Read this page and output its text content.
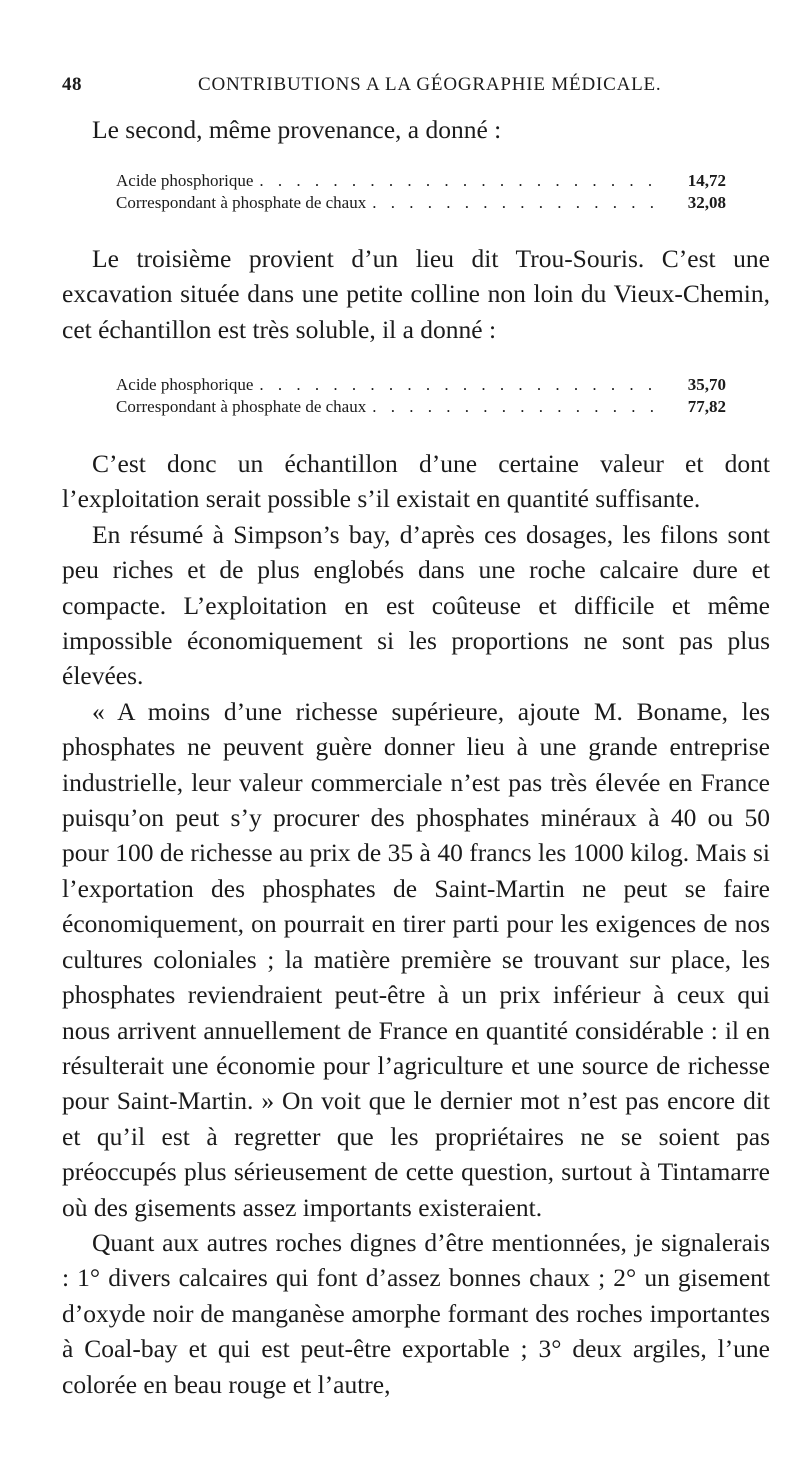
48	CONTRIBUTIONS A LA GÉOGRAPHIE MÉDICALE.

Le second, même provenance, a donné :

Acide phosphorique . . .	14,72
Correspondant à phosphate de chaux . . .	32,08

Le troisième provient d’un lieu dit Trou-Souris. C’est une excavation située dans une petite colline non loin du Vieux-Chemin, cet échantillon est très soluble, il a donné :

Acide phosphorique . . .	35,70
Correspondant à phosphate de chaux . . .	77,82

C’est donc un échantillon d’une certaine valeur et dont l’exploitation serait possible s’il existait en quantité suffisante.

En résumé à Simpson’s bay, d’après ces dosages, les filons sont peu riches et de plus englobés dans une roche calcaire dure et compacte. L’exploitation en est coûteuse et difficile et même impossible économiquement si les proportions ne sont pas plus élevées.

« A moins d’une richesse supérieure, ajoute M. Boname, les phosphates ne peuvent guère donner lieu à une grande entreprise industrielle, leur valeur commerciale n’est pas très élevée en France puisqu’on peut s’y procurer des phosphates minéraux à 40 ou 50 pour 100 de richesse au prix de 35 à 40 francs les 1000 kilog. Mais si l’exportation des phosphates de Saint-Martin ne peut se faire économiquement, on pourrait en tirer parti pour les exigences de nos cultures coloniales ; la matière première se trouvant sur place, les phosphates reviendraient peut-être à un prix inférieur à ceux qui nous arrivent annuellement de France en quantité considérable : il en résulterait une économie pour l’agriculture et une source de richesse pour Saint-Martin. » On voit que le dernier mot n’est pas encore dit et qu’il est à regretter que les propriétaires ne se soient pas préoccupés plus sérieusement de cette question, surtout à Tintamarre où des gisements assez importants existeraient.

Quant aux autres roches dignes d’être mentionnées, je signalerais : 1° divers calcaires qui font d’assez bonnes chaux ; 2° un gisement d’oxyde noir de manganèse amorphe formant des roches importantes à Coal-bay et qui est peut-être exportable ; 3° deux argiles, l’une colorée en beau rouge et l’autre,
